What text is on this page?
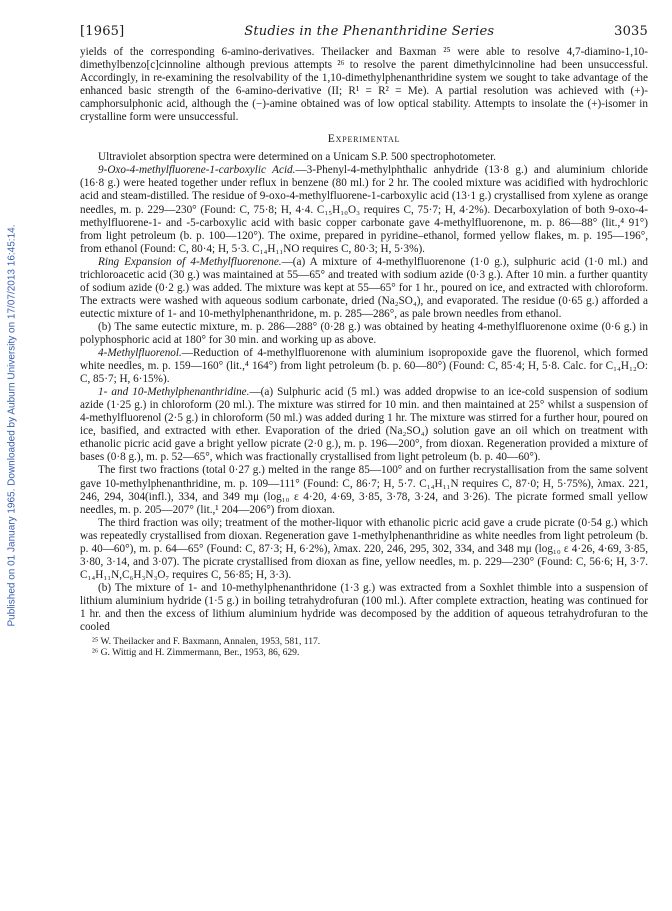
Published on 01 January 1965. Downloaded by Auburn University on 17/07/2013 16:45:14.
[1965]	Studies in the Phenanthridine Series	3035

yields of the corresponding 6-amino-derivatives. Theilacker and Baxman ²⁵ were able to resolve 4,7-diamino-1,10-dimethylbenzo[c]cinnoline although previous attempts ²⁶ to resolve the parent dimethylcinnoline had been unsuccessful. Accordingly, in re-examining the resolvability of the 1,10-dimethylphenanthridine system we sought to take advantage of the enhanced basic strength of the 6-amino-derivative (II; R¹ = R² = Me). A partial resolution was achieved with (+)-camphorsulphonic acid, although the (−)-amine obtained was of low optical stability. Attempts to insolate the (+)-isomer in crystalline form were unsuccessful.

Experimental

Ultraviolet absorption spectra were determined on a Unicam S.P. 500 spectrophotometer.

9-Oxo-4-methylfluorene-1-carboxylic Acid.—3-Phenyl-4-methylphthalic anhydride (13·8 g.) and aluminium chloride (16·8 g.) were heated together under reflux in benzene (80 ml.) for 2 hr. The cooled mixture was acidified with hydrochloric acid and steam-distilled. The residue of 9-oxo-4-methylfluorene-1-carboxylic acid (13·1 g.) crystallised from xylene as orange needles, m. p. 229—230° (Found: C, 75·8; H, 4·4. C₁₅H₁₀O₃ requires C, 75·7; H, 4·2%). Decarboxylation of both 9-oxo-4-methylfluorene-1- and -5-carboxylic acid with basic copper carbonate gave 4-methylfluorenone, m. p. 86—88° (lit.,⁴ 91°) from light petroleum (b. p. 100—120°). The oxime, prepared in pyridine–ethanol, formed yellow flakes, m. p. 195—196°, from ethanol (Found: C, 80·4; H, 5·3. C₁₄H₁₁NO requires C, 80·3; H, 5·3%).

Ring Expansion of 4-Methylfluorenone.—(a) A mixture of 4-methylfluorenone (1·0 g.), sulphuric acid (1·0 ml.) and trichloroacetic acid (30 g.) was maintained at 55—65° and treated with sodium azide (0·3 g.). After 10 min. a further quantity of sodium azide (0·2 g.) was added. The mixture was kept at 55—65° for 1 hr., poured on ice, and extracted with chloroform. The extracts were washed with aqueous sodium carbonate, dried (Na₂SO₄), and evaporated. The residue (0·65 g.) afforded a eutectic mixture of 1- and 10-methylphenanthridone, m. p. 285—286°, as pale brown needles from ethanol.

(b) The same eutectic mixture, m. p. 286—288° (0·28 g.) was obtained by heating 4-methylfluorenone oxime (0·6 g.) in polyphosphoric acid at 180° for 30 min. and working up as above.

4-Methylfluorenol.—Reduction of 4-methylfluorenone with aluminium isopropoxide gave the fluorenol, which formed white needles, m. p. 159—160° (lit.,⁴ 164°) from light petroleum (b. p. 60—80°) (Found: C, 85·4; H, 5·8. Calc. for C₁₄H₁₂O: C, 85·7; H, 6·15%).

1- and 10-Methylphenanthridine.—(a) Sulphuric acid (5 ml.) was added dropwise to an ice-cold suspension of sodium azide (1·25 g.) in chloroform (20 ml.). The mixture was stirred for 10 min. and then maintained at 25° whilst a suspension of 4-methylfluorenol (2·5 g.) in chloroform (50 ml.) was added during 1 hr. The mixture was stirred for a further hour, poured on ice, basified, and extracted with ether. Evaporation of the dried (Na₂SO₄) solution gave an oil which on treatment with ethanolic picric acid gave a bright yellow picrate (2·0 g.), m. p. 196—200°, from dioxan. Regeneration provided a mixture of bases (0·8 g.), m. p. 52—65°, which was fractionally crystallised from light petroleum (b. p. 40—60°).

The first two fractions (total 0·27 g.) melted in the range 85—100° and on further recrystallisation from the same solvent gave 10-methylphenanthridine, m. p. 109—111° (Found: C, 86·7; H, 5·7. C₁₄H₁₁N requires C, 87·0; H, 5·75%), λmax. 221, 246, 294, 304(infl.), 334, and 349 mμ (log₁₀ ε 4·20, 4·69, 3·85, 3·78, 3·24, and 3·26). The picrate formed small yellow needles, m. p. 205—207° (lit.,¹ 204—206°) from dioxan.

The third fraction was oily; treatment of the mother-liquor with ethanolic picric acid gave a crude picrate (0·54 g.) which was repeatedly crystallised from dioxan. Regeneration gave 1-methylphenanthridine as white needles from light petroleum (b. p. 40—60°), m. p. 64—65° (Found: C, 87·3; H, 6·2%), λmax. 220, 246, 295, 302, 334, and 348 mμ (log₁₀ ε 4·26, 4·69, 3·85, 3·80, 3·14, and 3·07). The picrate crystallised from dioxan as fine, yellow needles, m. p. 229—230° (Found: C, 56·6; H, 3·7. C₁₄H₁₁N,C₆H₃N₃O₇ requires C, 56·85; H, 3·3).

(b) The mixture of 1- and 10-methylphenanthridone (1·3 g.) was extracted from a Soxhlet thimble into a suspension of lithium aluminium hydride (1·5 g.) in boiling tetrahydrofuran (100 ml.). After complete extraction, heating was continued for 1 hr. and then the excess of lithium aluminium hydride was decomposed by the addition of aqueous tetrahydrofuran to the cooled

²⁵ W. Theilacker and F. Baxmann, Annalen, 1953, 581, 117.
²⁶ G. Wittig and H. Zimmermann, Ber., 1953, 86, 629.
